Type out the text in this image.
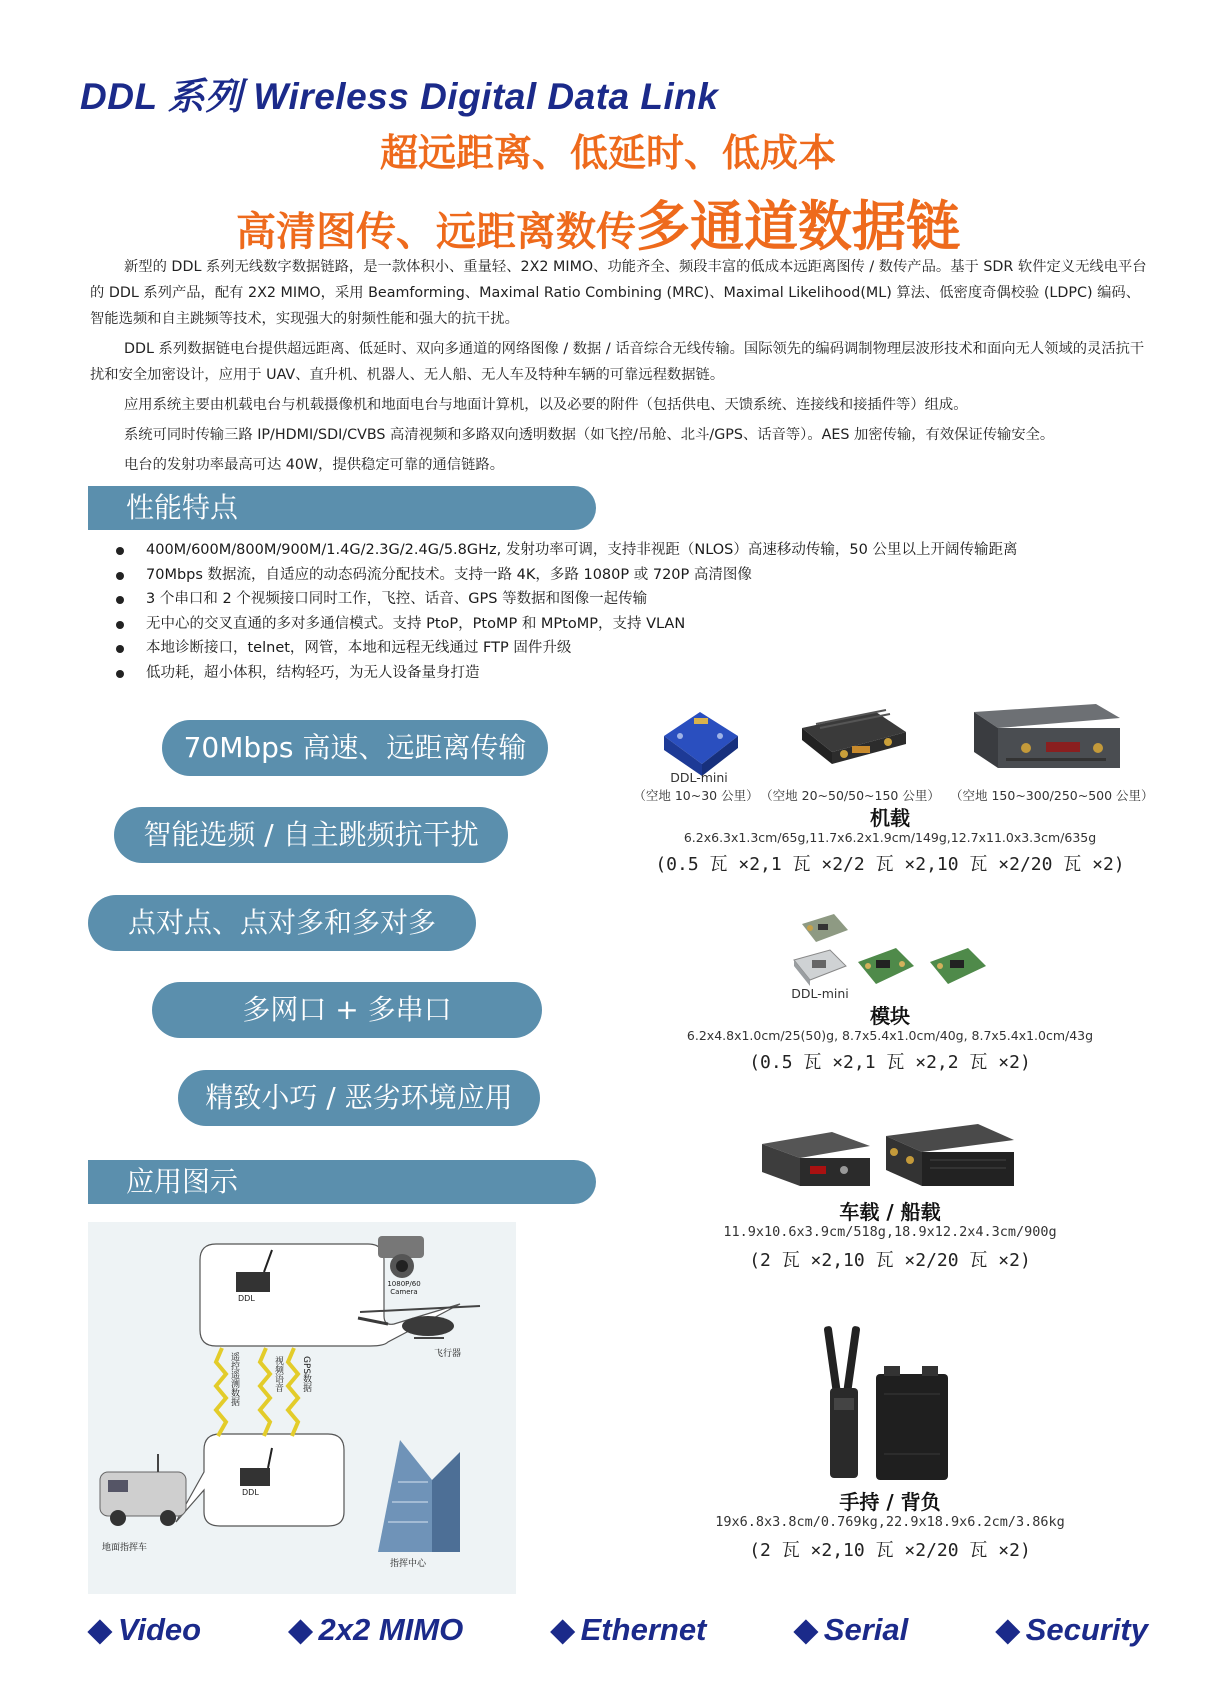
DDL 系列 Wireless Digital Data Link
超远距离、低延时、低成本
高清图传、远距离数传多通道数据链

新型的 DDL 系列无线数字数据链路，是一款体积小、重量轻、2X2 MIMO、功能齐全、频段丰富的低成本远距离图传 / 数传产品。基于 SDR 软件定义无线电平台的 DDL 系列产品，配有 2X2 MIMO，采用 Beamforming、Maximal Ratio Combining (MRC)、Maximal Likelihood(ML) 算法、低密度奇偶校验 (LDPC) 编码、智能选频和自主跳频等技术，实现强大的射频性能和强大的抗干扰。

DDL 系列数据链电台提供超远距离、低延时、双向多通道的网络图像 / 数据 / 话音综合无线传输。国际领先的编码调制物理层波形技术和面向无人领域的灵活抗干扰和安全加密设计，应用于 UAV、直升机、机器人、无人船、无人车及特种车辆的可靠远程数据链。

应用系统主要由机载电台与机载摄像机和地面电台与地面计算机，以及必要的附件（包括供电、天馈系统、连接线和接插件等）组成。

系统可同时传输三路 IP/HDMI/SDI/CVBS 高清视频和多路双向透明数据（如飞控/吊舱、北斗/GPS、话音等）。AES 加密传输，有效保证传输安全。

电台的发射功率最高可达 40W，提供稳定可靠的通信链路。

性能特点
400M/600M/800M/900M/1.4G/2.3G/2.4G/5.8GHz, 发射功率可调，支持非视距（NLOS）高速移动传输，50 公里以上开阔传输距离
70Mbps 数据流，自适应的动态码流分配技术。支持一路 4K，多路 1080P 或 720P 高清图像
3 个串口和 2 个视频接口同时工作，飞控、话音、GPS 等数据和图像一起传输
无中心的交叉直通的多对多通信模式。支持 PtoP，PtoMP 和 MPtoMP，支持 VLAN
本地诊断接口，telnet，网管，本地和远程无线通过 FTP 固件升级
低功耗，超小体积，结构轻巧，为无人设备量身打造
70Mbps 高速、远距离传输
智能选频 / 自主跳频抗干扰
点对点、点对多和多对多
多网口 + 多串口
精致小巧 / 恶劣环境应用
应用图示
DDL-mini
（空地 10~30 公里） （空地 20~50/50~150 公里） （空地 150~300/250~500 公里）
机载
6.2x6.3x1.3cm/65g,11.7x6.2x1.9cm/149g,12.7x11.0x3.3cm/635g
(0.5 瓦 ×2,1 瓦 ×2/2 瓦 ×2,10 瓦 ×2/20 瓦 ×2)
DDL-mini
模块
6.2x4.8x1.0cm/25(50)g, 8.7x5.4x1.0cm/40g, 8.7x5.4x1.0cm/43g
(0.5 瓦 ×2,1 瓦 ×2,2 瓦 ×2)
车载 / 船载
11.9x10.6x3.9cm/518g,18.9x12.2x4.3cm/900g
(2 瓦 ×2,10 瓦 ×2/20 瓦 ×2)
手持 / 背负
19x6.8x3.8cm/0.769kg,22.9x18.9x6.2cm/3.86kg
(2 瓦 ×2,10 瓦 ×2/20 瓦 ×2)
DDL
DDL
1080P/60 Camera
飞行器
遥控遥测数据	视频语音 GPS数据
地面指挥车
指挥中心
◆ Video	◆ 2x2 MIMO	◆ Ethernet	◆ Serial	◆ Security
